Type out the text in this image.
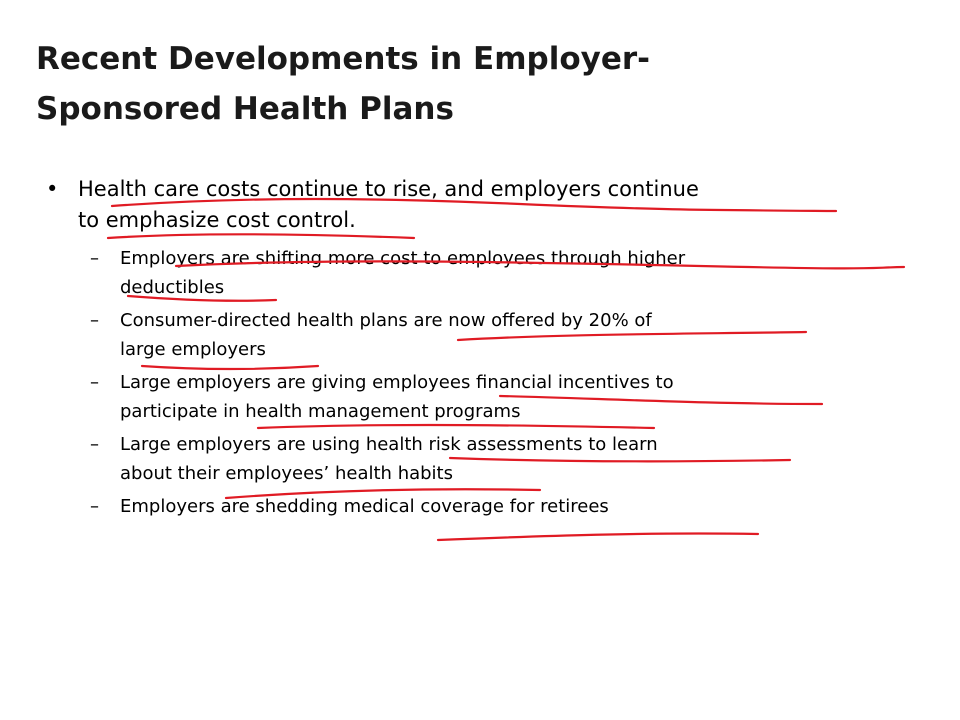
Recent Developments in Employer-
Sponsored Health Plans
• Health care costs continue to rise, and employers continue
to emphasize cost control.
– Employers are shifting more cost to employees through higher
deductibles
– Consumer-directed health plans are now offered by 20% of
large employers
– Large employers are giving employees financial incentives to
participate in health management programs
– Large employers are using health risk assessments to learn
about their employees’ health habits
– Employers are shedding medical coverage for retirees
